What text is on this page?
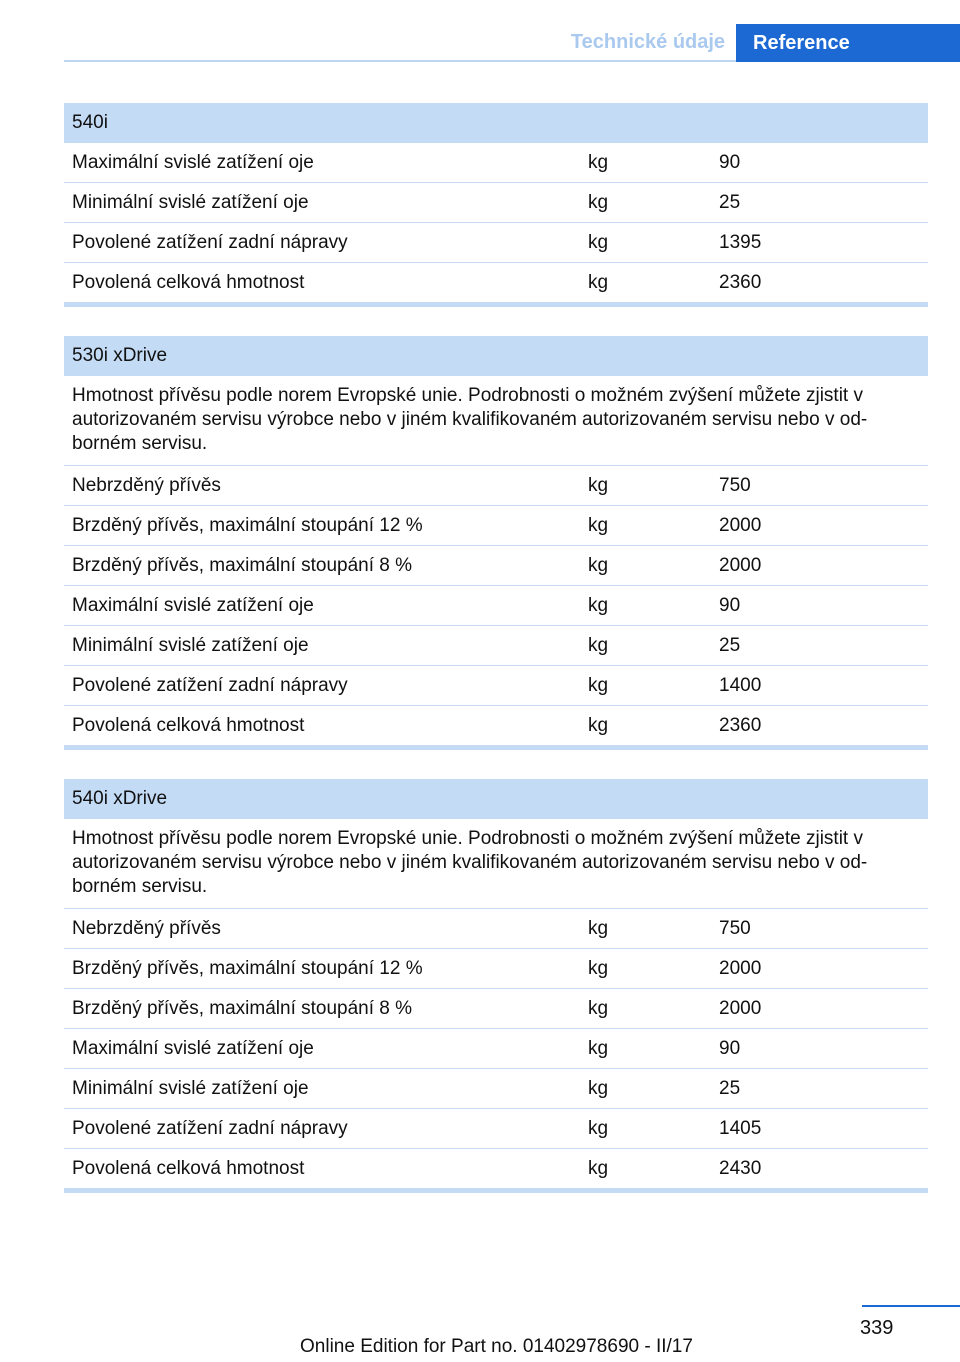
Technické údaje	Reference
540i
Maximální svislé zatížení oje	kg	90
Minimální svislé zatížení oje	kg	25
Povolené zatížení zadní nápravy	kg	1395
Povolená celková hmotnost	kg	2360
530i xDrive
Hmotnost přívěsu podle norem Evropské unie. Podrobnosti o možném zvýšení můžete zjistit v autorizovaném servisu výrobce nebo v jiném kvalifikovaném autorizovaném servisu nebo v odborném servisu.
Nebrzděný přívěs	kg	750
Brzděný přívěs, maximální stoupání 12 %	kg	2000
Brzděný přívěs, maximální stoupání 8 %	kg	2000
Maximální svislé zatížení oje	kg	90
Minimální svislé zatížení oje	kg	25
Povolené zatížení zadní nápravy	kg	1400
Povolená celková hmotnost	kg	2360
540i xDrive
Hmotnost přívěsu podle norem Evropské unie. Podrobnosti o možném zvýšení můžete zjistit v autorizovaném servisu výrobce nebo v jiném kvalifikovaném autorizovaném servisu nebo v odborném servisu.
Nebrzděný přívěs	kg	750
Brzděný přívěs, maximální stoupání 12 %	kg	2000
Brzděný přívěs, maximální stoupání 8 %	kg	2000
Maximální svislé zatížení oje	kg	90
Minimální svislé zatížení oje	kg	25
Povolené zatížení zadní nápravy	kg	1405
Povolená celková hmotnost	kg	2430
339
Online Edition for Part no. 01402978690 - II/17
